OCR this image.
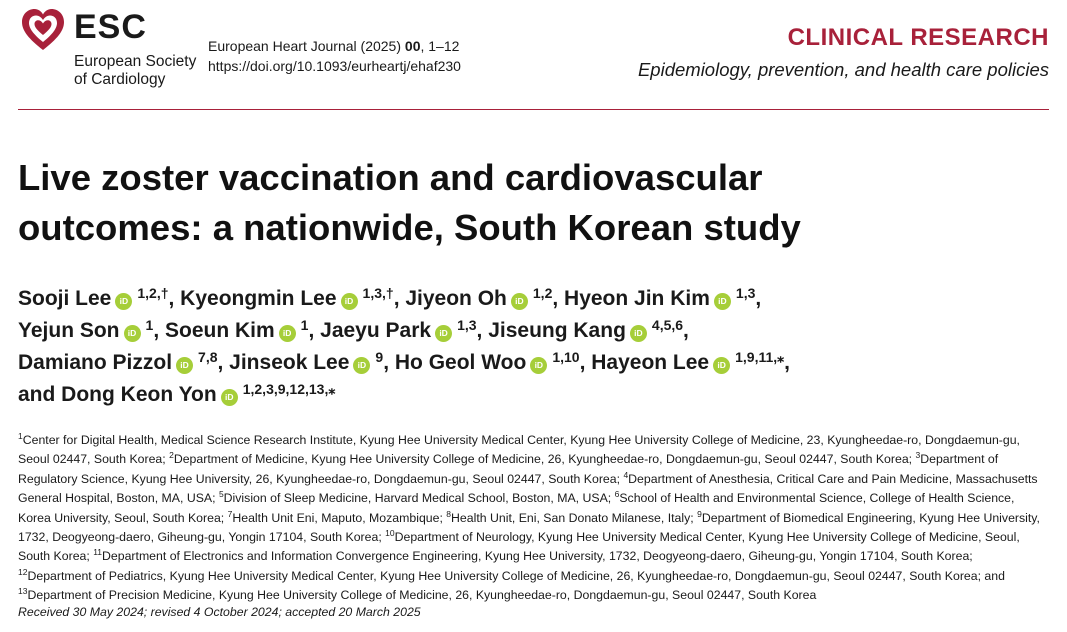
ESC
European Society
of Cardiology
European Heart Journal (2025) 00, 1–12
https://doi.org/10.1093/eurheartj/ehaf230
CLINICAL RESEARCH
Epidemiology, prevention, and health care policies
Live zoster vaccination and cardiovascular
outcomes: a nationwide, South Korean study
Sooji Lee iD $^{1,2,\dagger}$, Kyeongmin Lee iD $^{1,3,\dagger}$, Jiyeon Oh iD $^{1,2}$, Hyeon Jin Kim iD $^{1,3}$,
Yejun Son iD $^1$, Soeun Kim iD $^1$, Jaeyu Park iD $^{1,3}$, Jiseung Kang iD $^{4,5,6}$,
Damiano Pizzol iD $^{7,8}$, Jinseok Lee iD $^9$, Ho Geol Woo iD $^{1,10}$, Hayeon Lee iD $^{1,9,11,⁎}$,
and Dong Keon Yon iD $^{1,2,3,9,12,13,⁎}$
$^1$Center for Digital Health, Medical Science Research Institute, Kyung Hee University Medical Center, Kyung Hee University College of Medicine, 23, Kyungheedae-ro, Dongdaemun-gu, Seoul 02447, South Korea; $^2$Department of Medicine, Kyung Hee University College of Medicine, 26, Kyungheedae-ro, Dongdaemun-gu, Seoul 02447, South Korea; $^3$Department of Regulatory Science, Kyung Hee University, 26, Kyungheedae-ro, Dongdaemun-gu, Seoul 02447, South Korea; $^4$Department of Anesthesia, Critical Care and Pain Medicine, Massachusetts General Hospital, Boston, MA, USA; $^5$Division of Sleep Medicine, Harvard Medical School, Boston, MA, USA; $^6$School of Health and Environmental Science, College of Health Science, Korea University, Seoul, South Korea; $^7$Health Unit Eni, Maputo, Mozambique; $^8$Health Unit, Eni, San Donato Milanese, Italy; $^9$Department of Biomedical Engineering, Kyung Hee University, 1732, Deogyeong-daero, Giheung-gu, Yongin 17104, South Korea; $^{10}$Department of Neurology, Kyung Hee University Medical Center, Kyung Hee University College of Medicine, Seoul, South Korea; $^{11}$Department of Electronics and Information Convergence Engineering, Kyung Hee University, 1732, Deogyeong-daero, Giheung-gu, Yongin 17104, South Korea; $^{12}$Department of Pediatrics, Kyung Hee University Medical Center, Kyung Hee University College of Medicine, 26, Kyungheedae-ro, Dongdaemun-gu, Seoul 02447, South Korea; and $^{13}$Department of Precision Medicine, Kyung Hee University College of Medicine, 26, Kyungheedae-ro, Dongdaemun-gu, Seoul 02447, South Korea
Received 30 May 2024; revised 4 October 2024; accepted 20 March 2025
